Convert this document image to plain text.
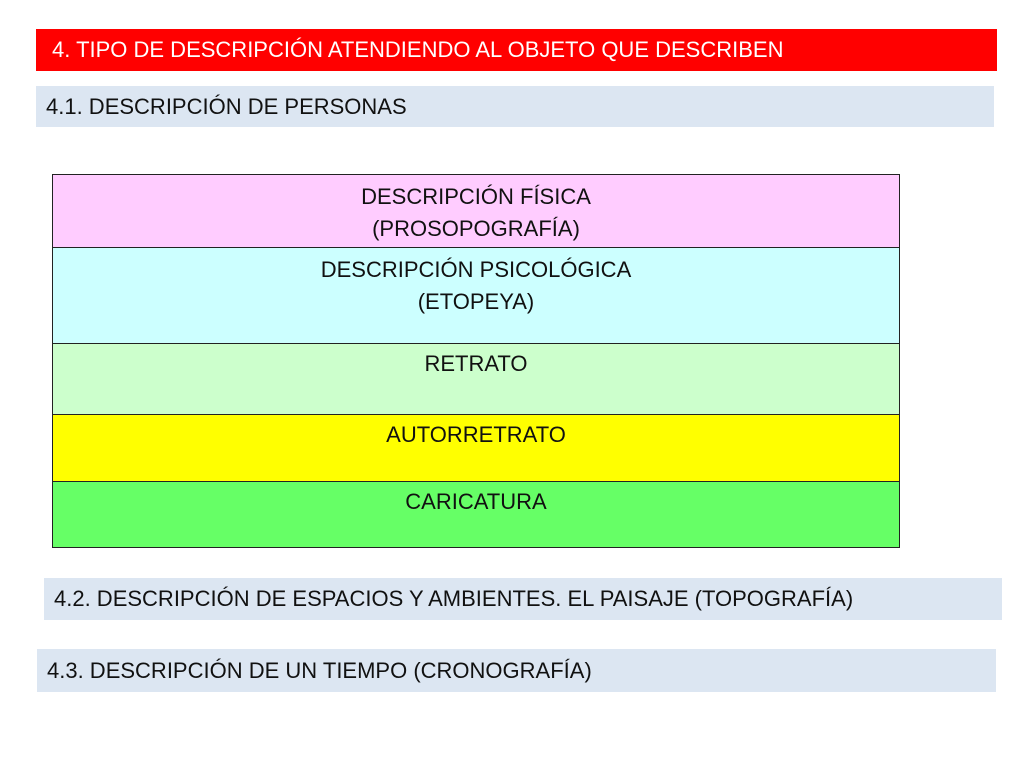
4. TIPO DE DESCRIPCIÓN ATENDIENDO AL OBJETO QUE DESCRIBEN
4.1. DESCRIPCIÓN DE PERSONAS
DESCRIPCIÓN FÍSICA
(PROSOPOGRAFÍA)
DESCRIPCIÓN PSICOLÓGICA
(ETOPEYA)
RETRATO
AUTORRETRATO
CARICATURA
4.2. DESCRIPCIÓN DE ESPACIOS Y AMBIENTES. EL PAISAJE (TOPOGRAFÍA)
4.3. DESCRIPCIÓN DE UN TIEMPO (CRONOGRAFÍA)
